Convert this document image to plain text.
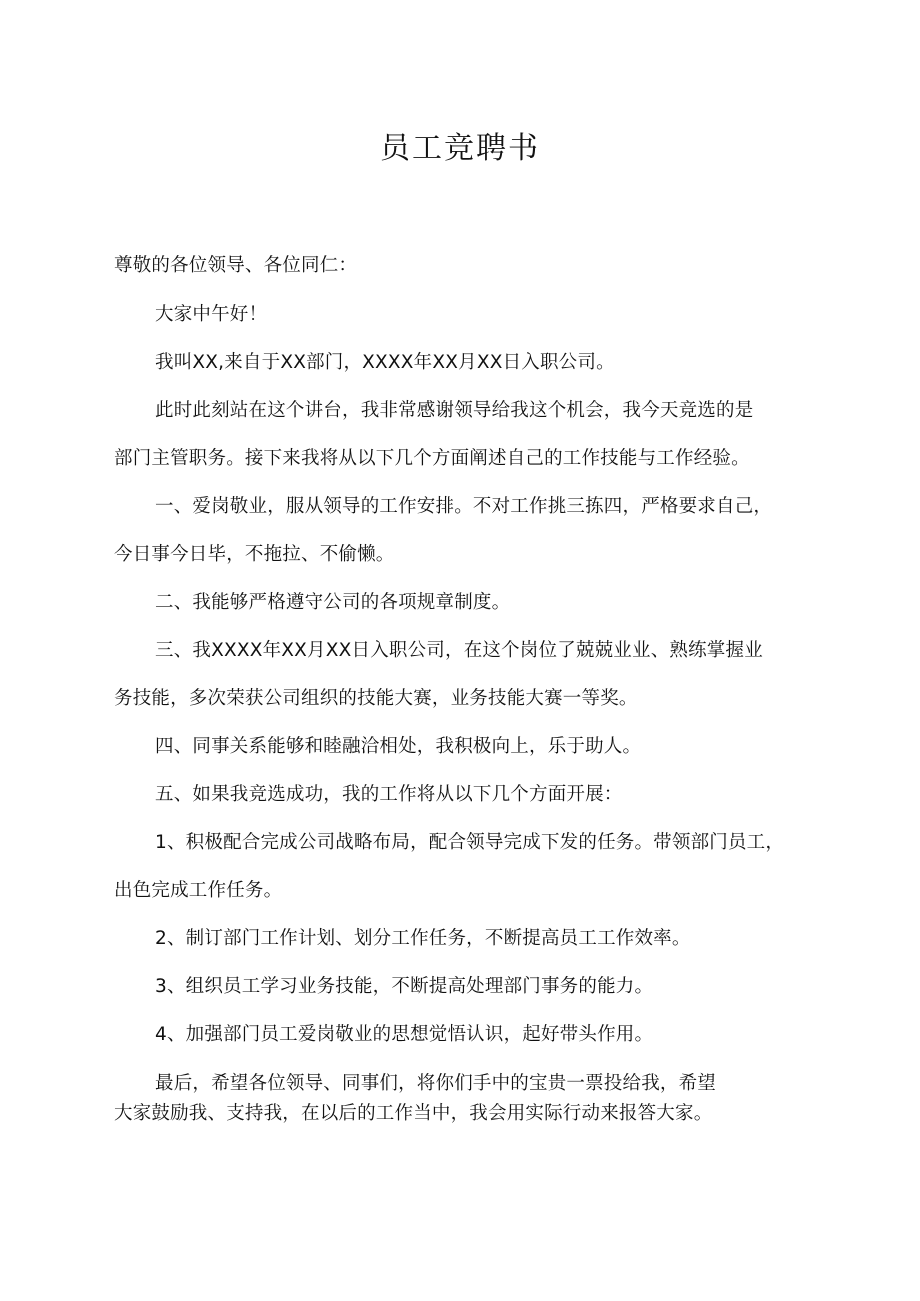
员工竞聘书
尊敬的各位领导、各位同仁：
大家中午好！
我叫XX,来自于XX部门，XXXX年XX月XX日入职公司。
此时此刻站在这个讲台，我非常感谢领导给我这个机会，我今天竞选的是
部门主管职务。接下来我将从以下几个方面阐述自己的工作技能与工作经验。
一、爱岗敬业，服从领导的工作安排。不对工作挑三拣四，严格要求自己，
今日事今日毕，不拖拉、不偷懒。
二、我能够严格遵守公司的各项规章制度。
三、我XXXX年XX月XX日入职公司，在这个岗位了兢兢业业、熟练掌握业
务技能，多次荣获公司组织的技能大赛，业务技能大赛一等奖。
四、同事关系能够和睦融洽相处，我积极向上，乐于助人。
五、如果我竞选成功，我的工作将从以下几个方面开展：
1、积极配合完成公司战略布局，配合领导完成下发的任务。带领部门员工，
出色完成工作任务。
2、制订部门工作计划、划分工作任务，不断提高员工工作效率。
3、组织员工学习业务技能，不断提高处理部门事务的能力。
4、加强部门员工爱岗敬业的思想觉悟认识，起好带头作用。
最后，希望各位领导、同事们，将你们手中的宝贵一票投给我，希望
大家鼓励我、支持我，在以后的工作当中，我会用实际行动来报答大家。
